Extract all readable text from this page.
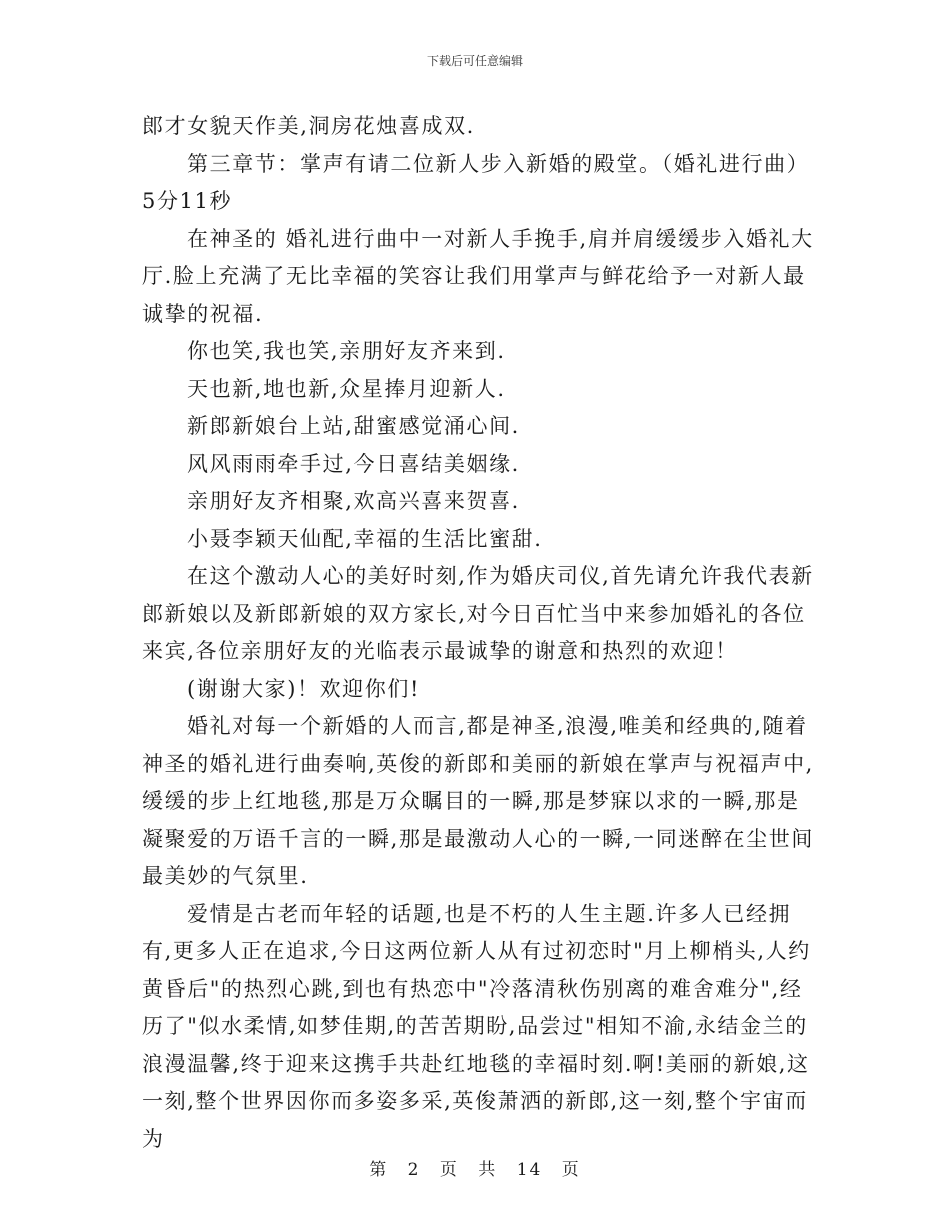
下载后可任意编辑

郎才女貌天作美,洞房花烛喜成双.

第三章节：掌声有请二位新人步入新婚的殿堂。（婚礼进行曲）5分11秒

在神圣的 婚礼进行曲中一对新人手挽手,肩并肩缓缓步入婚礼大厅.脸上充满了无比幸福的笑容让我们用掌声与鲜花给予一对新人最诚挚的祝福.

你也笑,我也笑,亲朋好友齐来到.

天也新,地也新,众星捧月迎新人.

新郎新娘台上站,甜蜜感觉涌心间.

风风雨雨牵手过,今日喜结美姻缘.

亲朋好友齐相聚,欢高兴喜来贺喜.

小聂李颖天仙配,幸福的生活比蜜甜.

在这个激动人心的美好时刻,作为婚庆司仪,首先请允许我代表新郎新娘以及新郎新娘的双方家长,对今日百忙当中来参加婚礼的各位来宾,各位亲朋好友的光临表示最诚挚的谢意和热烈的欢迎！

(谢谢大家)！欢迎你们!

婚礼对每一个新婚的人而言,都是神圣,浪漫,唯美和经典的,随着神圣的婚礼进行曲奏响,英俊的新郎和美丽的新娘在掌声与祝福声中,缓缓的步上红地毯,那是万众瞩目的一瞬,那是梦寐以求的一瞬,那是凝聚爱的万语千言的一瞬,那是最激动人心的一瞬,一同迷醉在尘世间最美妙的气氛里.

爱情是古老而年轻的话题,也是不朽的人生主题.许多人已经拥有,更多人正在追求,今日这两位新人从有过初恋时"月上柳梢头,人约黄昏后"的热烈心跳,到也有热恋中"冷落清秋伤别离的难舍难分",经历了"似水柔情,如梦佳期,的苦苦期盼,品尝过"相知不渝,永结金兰的浪漫温馨,终于迎来这携手共赴红地毯的幸福时刻.啊!美丽的新娘,这一刻,整个世界因你而多姿多采,英俊萧洒的新郎,这一刻,整个宇宙而为

第 2 页 共 14 页
